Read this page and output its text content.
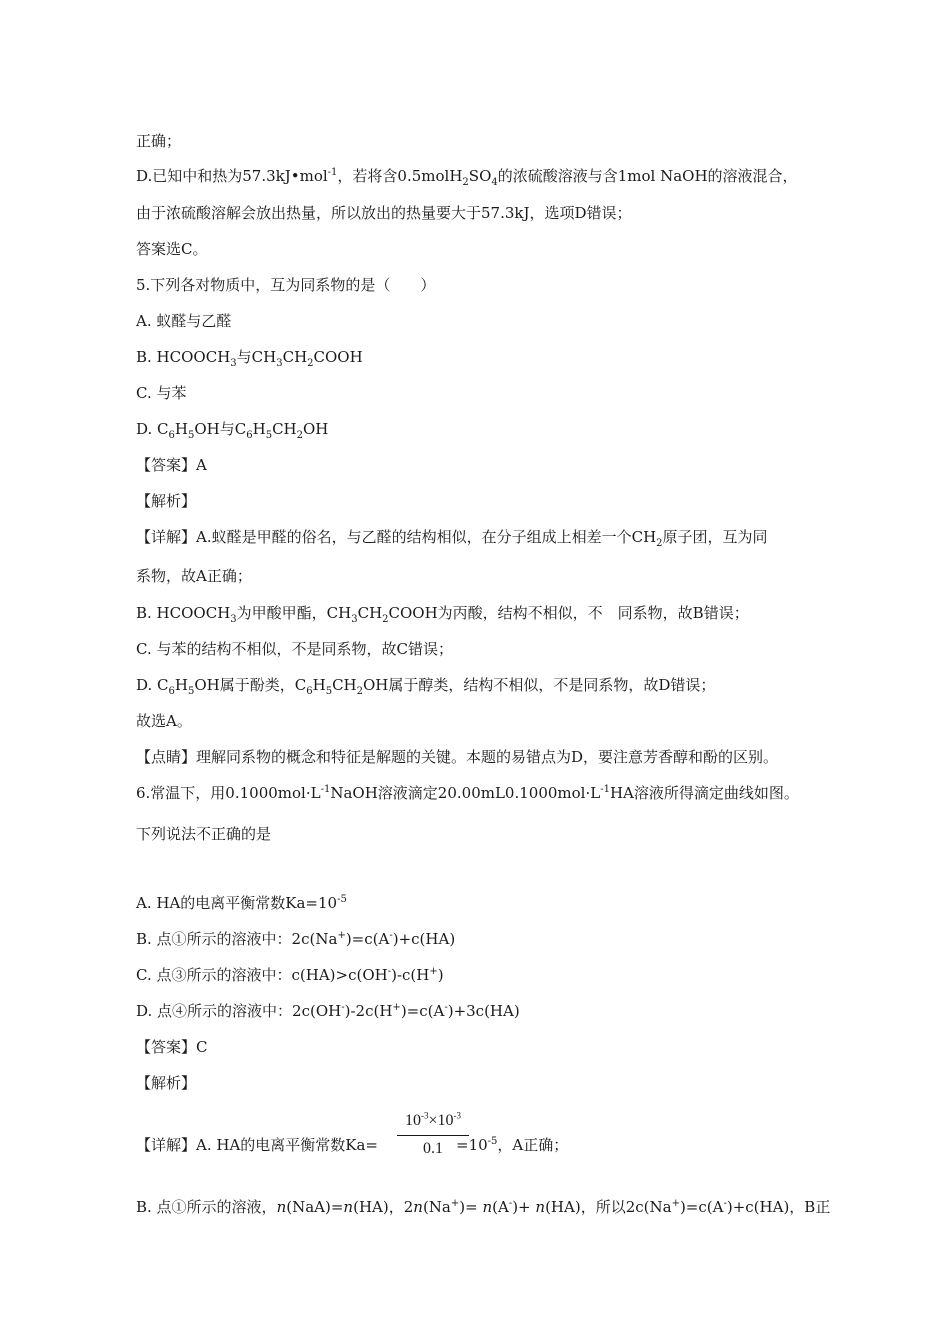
正确；
D.已知中和热为57.3kJ•mol$^{-1}$，若将含$0.5molH_2SO_4$的浓硫酸溶液与含1mol NaOH的溶液混合，
由于浓硫酸溶解会放出热量，所以放出的热量要大于57.3kJ，选项D错误；
答案选C。
5.下列各对物质中，互为同系物的是（　　）
A. 蚁醛与乙醛
B. $HCOOCH_3$与$CH_3CH_2COOH$
C. 与苯
D. $C_6H_5OH$与$C_6H_5CH_2OH$
【答案】A
【解析】
【详解】A.蚁醛是甲醛的俗名，与乙醛的结构相似，在分子组成上相差一个$CH_2$原子团，互为同
系物，故A正确；
B. $HCOOCH_3$为甲酸甲酯，$CH_3CH_2COOH$为丙酸，结构不相似，不　同系物，故B错误；
C. 与苯的结构不相似，不是同系物，故C错误；
D. $C_6H_5OH$属于酚类，$C_6H_5CH_2OH$属于醇类，结构不相似，不是同系物，故D错误；
故选A。
【点睛】理解同系物的概念和特征是解题的关键。本题的易错点为D，要注意芳香醇和酚的区别。
6.常温下，用$0.1000mol\cdot L^{-1}NaOH$溶液滴定$20.00mL0.1000mol\cdot L^{-1}HA$溶液所得滴定曲线如图。
下列说法不正确的是
A. HA的电离平衡常数$Ka=10^{-5}$
B. 点①所示的溶液中：2c(Na+)=c(A-)+c(HA)
C. 点③所示的溶液中：c(HA)>c(OH-)-c(H+)
D. 点④所示的溶液中：2c(OH-)-2c(H+)=c(A-)+3c(HA)
【答案】C
【解析】
【详解】A. HA的电离平衡常数Ka=	$=10^{-5}$，A正确；
$10^{-3}\times 10^{-3}$
0.1
B. 点①所示的溶液，n(NaA)=n(HA)，2n(Na+)= n(A-)+ n(HA)，所以2c(Na+)=c(A-)+c(HA)，B正
